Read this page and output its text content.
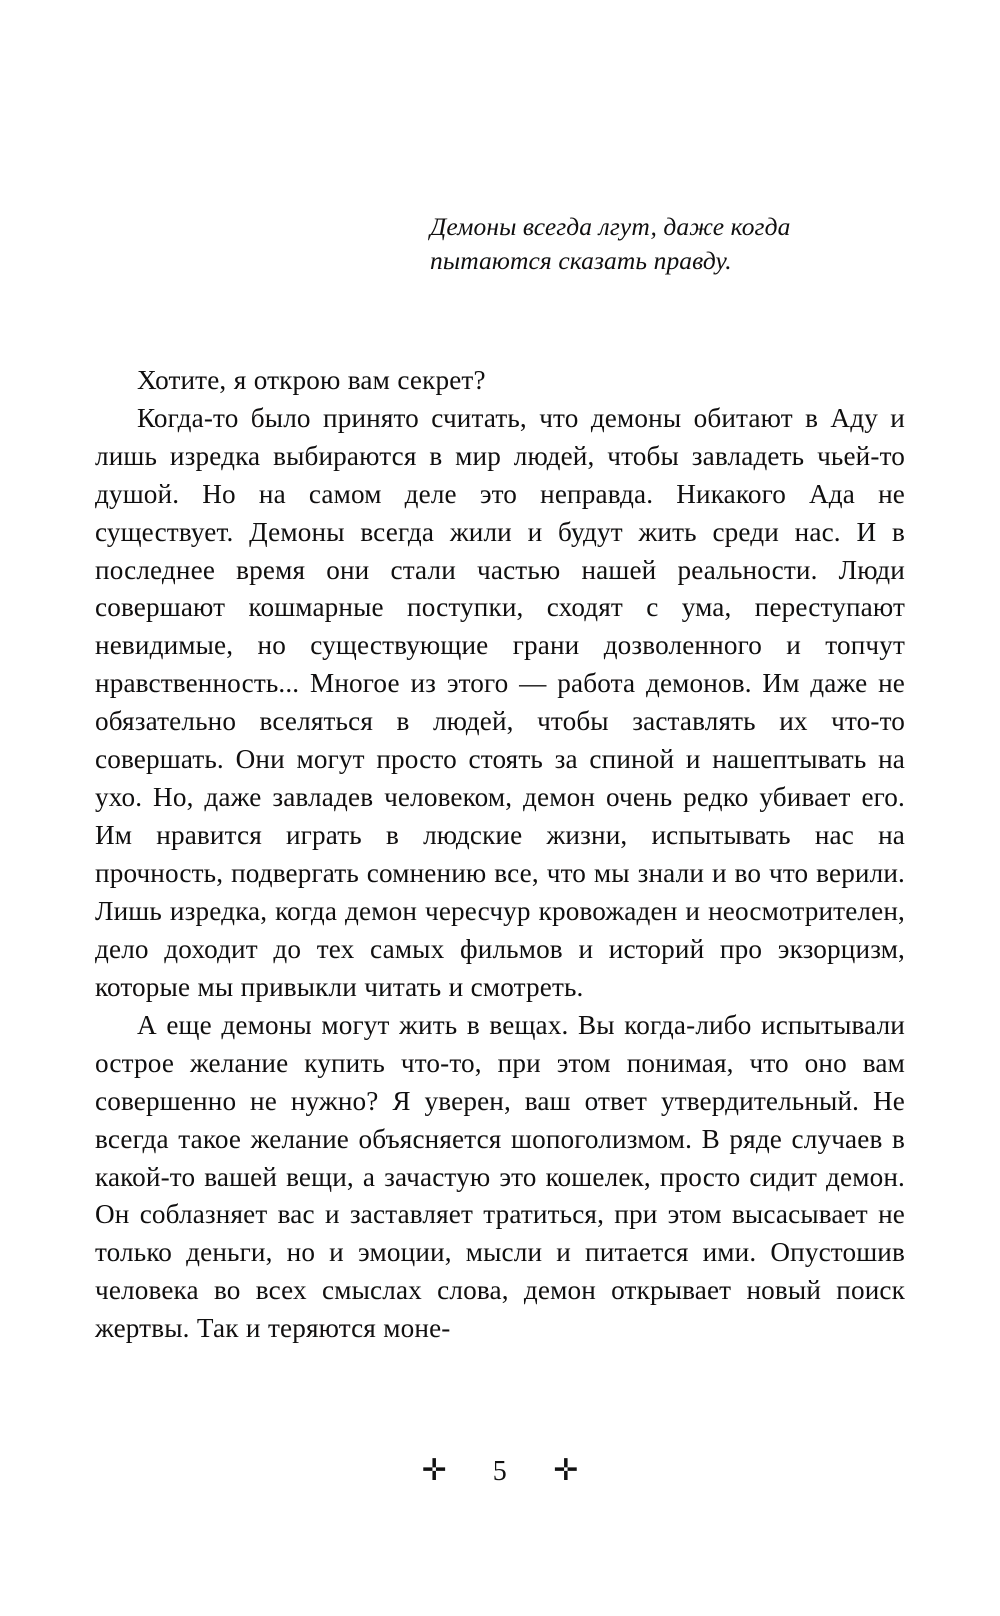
Демоны всегда лгут, даже когда пытаются сказать правду.

Хотите, я открою вам секрет?

Когда-то было принято считать, что демоны обитают в Аду и лишь изредка выбираются в мир людей, чтобы завладеть чьей-то душой. Но на самом деле это неправда. Никакого Ада не существует. Демоны всегда жили и будут жить среди нас. И в последнее время они стали частью нашей реальности. Люди совершают кошмарные поступки, сходят с ума, переступают невидимые, но существующие грани дозволенного и топчут нравственность... Многое из этого — работа демонов. Им даже не обязательно вселяться в людей, чтобы заставлять их что-то совершать. Они могут просто стоять за спиной и нашептывать на ухо. Но, даже завладев человеком, демон очень редко убивает его. Им нравится играть в людские жизни, испытывать нас на прочность, подвергать сомнению все, что мы знали и во что верили. Лишь изредка, когда демон чересчур кровожаден и неосмотрителен, дело доходит до тех самых фильмов и историй про экзорцизм, которые мы привыкли читать и смотреть.

А еще демоны могут жить в вещах. Вы когда-либо испытывали острое желание купить что-то, при этом понимая, что оно вам совершенно не нужно? Я уверен, ваш ответ утвердительный. Не всегда такое желание объясняется шопоголизмом. В ряде случаев в какой-то вашей вещи, а зачастую это кошелек, просто сидит демон. Он соблазняет вас и заставляет тратиться, при этом высасывает не только деньги, но и эмоции, мысли и питается ими. Опустошив человека во всех смыслах слова, демон открывает новый поиск жертвы. Так и теряются моне-

✛ 5 ✛
